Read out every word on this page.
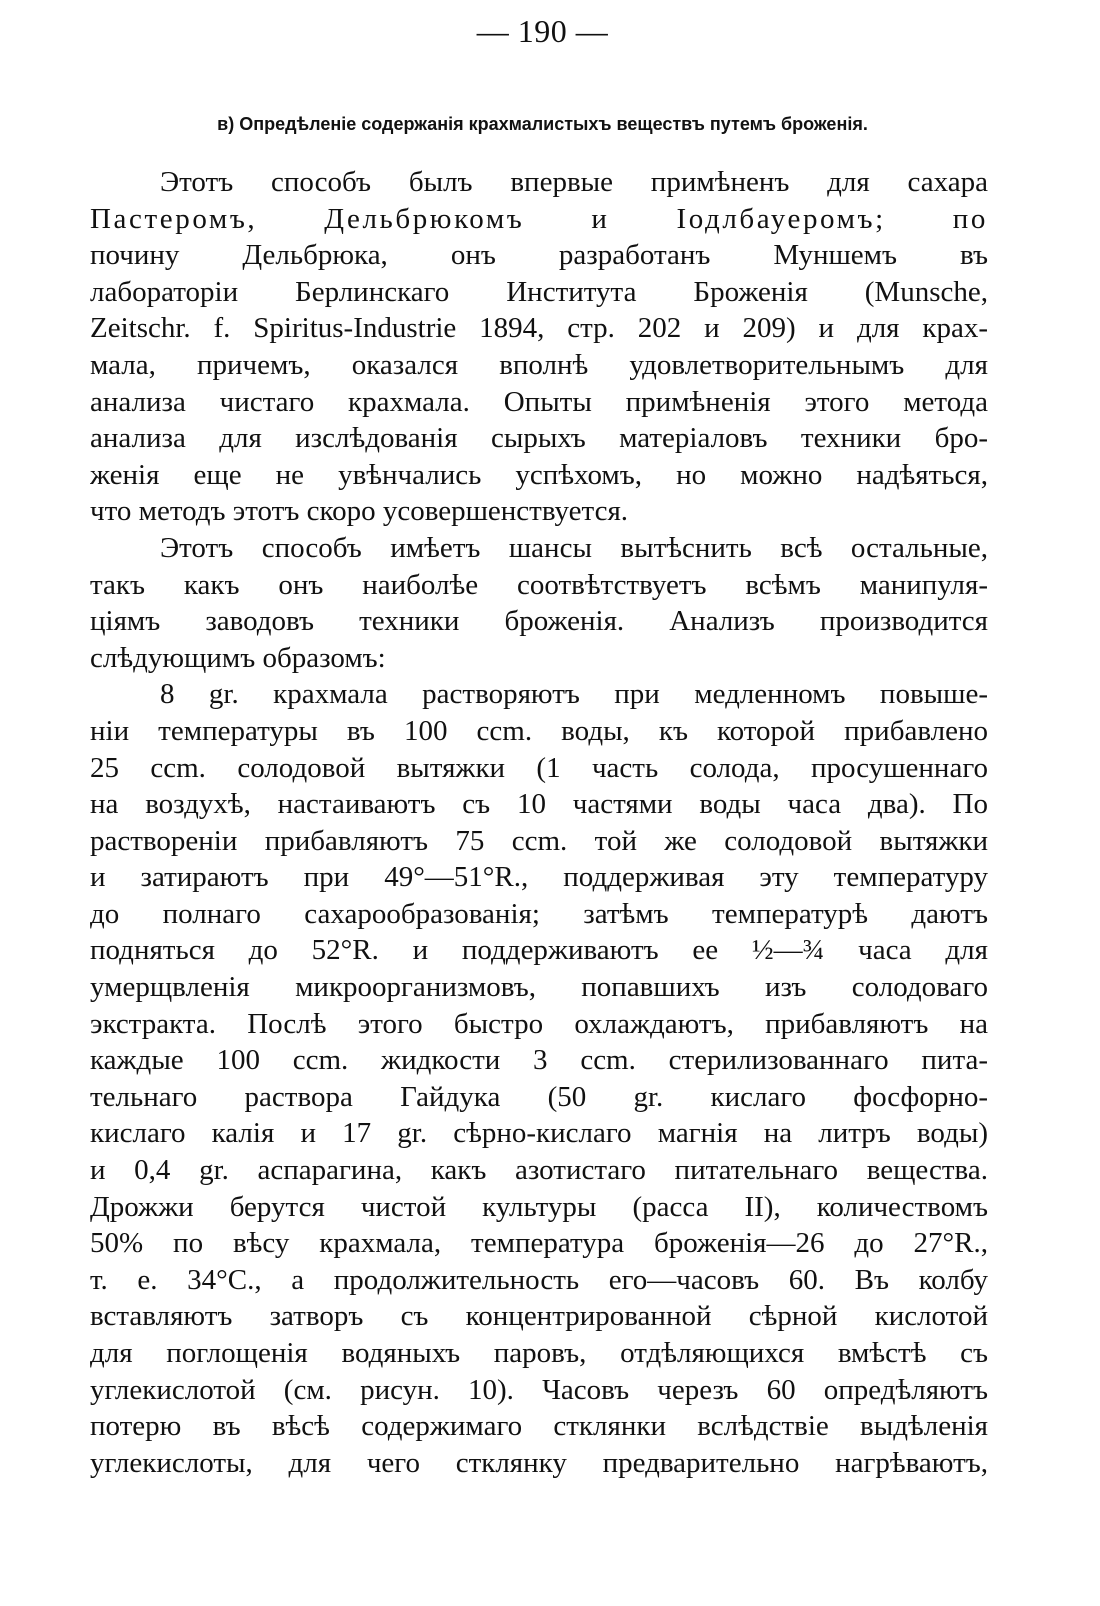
— 190 —
в) Опредѣленіе содержанія крахмалистыхъ веществъ путемъ броженія.
Этотъ способъ былъ впервые примѣненъ для сахара
Пастеромъ, Дельбрюкомъ и Іодлбауеромъ; по
почину Дельбрюка, онъ разработанъ Муншемъ въ
лабораторіи Берлинскаго Института Броженія (Munsche,
Zeitschr. f. Spiritus-Industrie 1894, стр. 202 и 209) и для крах-
мала, причемъ, оказался вполнѣ удовлетворительнымъ для
анализа чистаго крахмала. Опыты примѣненія этого метода
анализа для изслѣдованія сырыхъ матеріаловъ техники бро-
женія еще не увѣнчались успѣхомъ, но можно надѣяться,
что методъ этотъ скоро усовершенствуется.
Этотъ способъ имѣетъ шансы вытѣснить всѣ остальные,
такъ какъ онъ наиболѣе соотвѣтствуетъ всѣмъ манипуля-
ціямъ заводовъ техники броженія. Анализъ производится
слѣдующимъ образомъ:
8 gr. крахмала растворяютъ при медленномъ повыше-
ніи температуры въ 100 ccm. воды, къ которой прибавлено
25 ccm. солодовой вытяжки (1 часть солода, просушеннаго
на воздухѣ, настаиваютъ съ 10 частями воды часа два). По
раствореніи прибавляютъ 75 ccm. той же солодовой вытяжки
и затираютъ при 49°—51°R., поддерживая эту температуру
до полнаго сахарообразованія; затѣмъ температурѣ даютъ
подняться до 52°R. и поддерживаютъ ее ½—¾ часа для
умерщвленія микроорганизмовъ, попавшихъ изъ солодоваго
экстракта. Послѣ этого быстро охлаждаютъ, прибавляютъ на
каждые 100 ccm. жидкости 3 ccm. стерилизованнаго пита-
тельнаго раствора Гайдука (50 gr. кислаго фосфорно-
кислаго калія и 17 gr. сѣрно-кислаго магнія на литръ воды)
и 0,4 gr. аспарагина, какъ азотистаго питательнаго вещества.
Дрожжи берутся чистой культуры (расса II), количествомъ
50% по вѣсу крахмала, температура броженія—26 до 27°R.,
т. е. 34°C., а продолжительность его—часовъ 60. Въ колбу
вставляютъ затворъ съ концентрированной сѣрной кислотой
для поглощенія водяныхъ паровъ, отдѣляющихся вмѣстѣ съ
углекислотой (см. рисун. 10). Часовъ черезъ 60 опредѣляютъ
потерю въ вѣсѣ содержимаго стклянки вслѣдствіе выдѣленія
углекислоты, для чего стклянку предварительно нагрѣваютъ,
